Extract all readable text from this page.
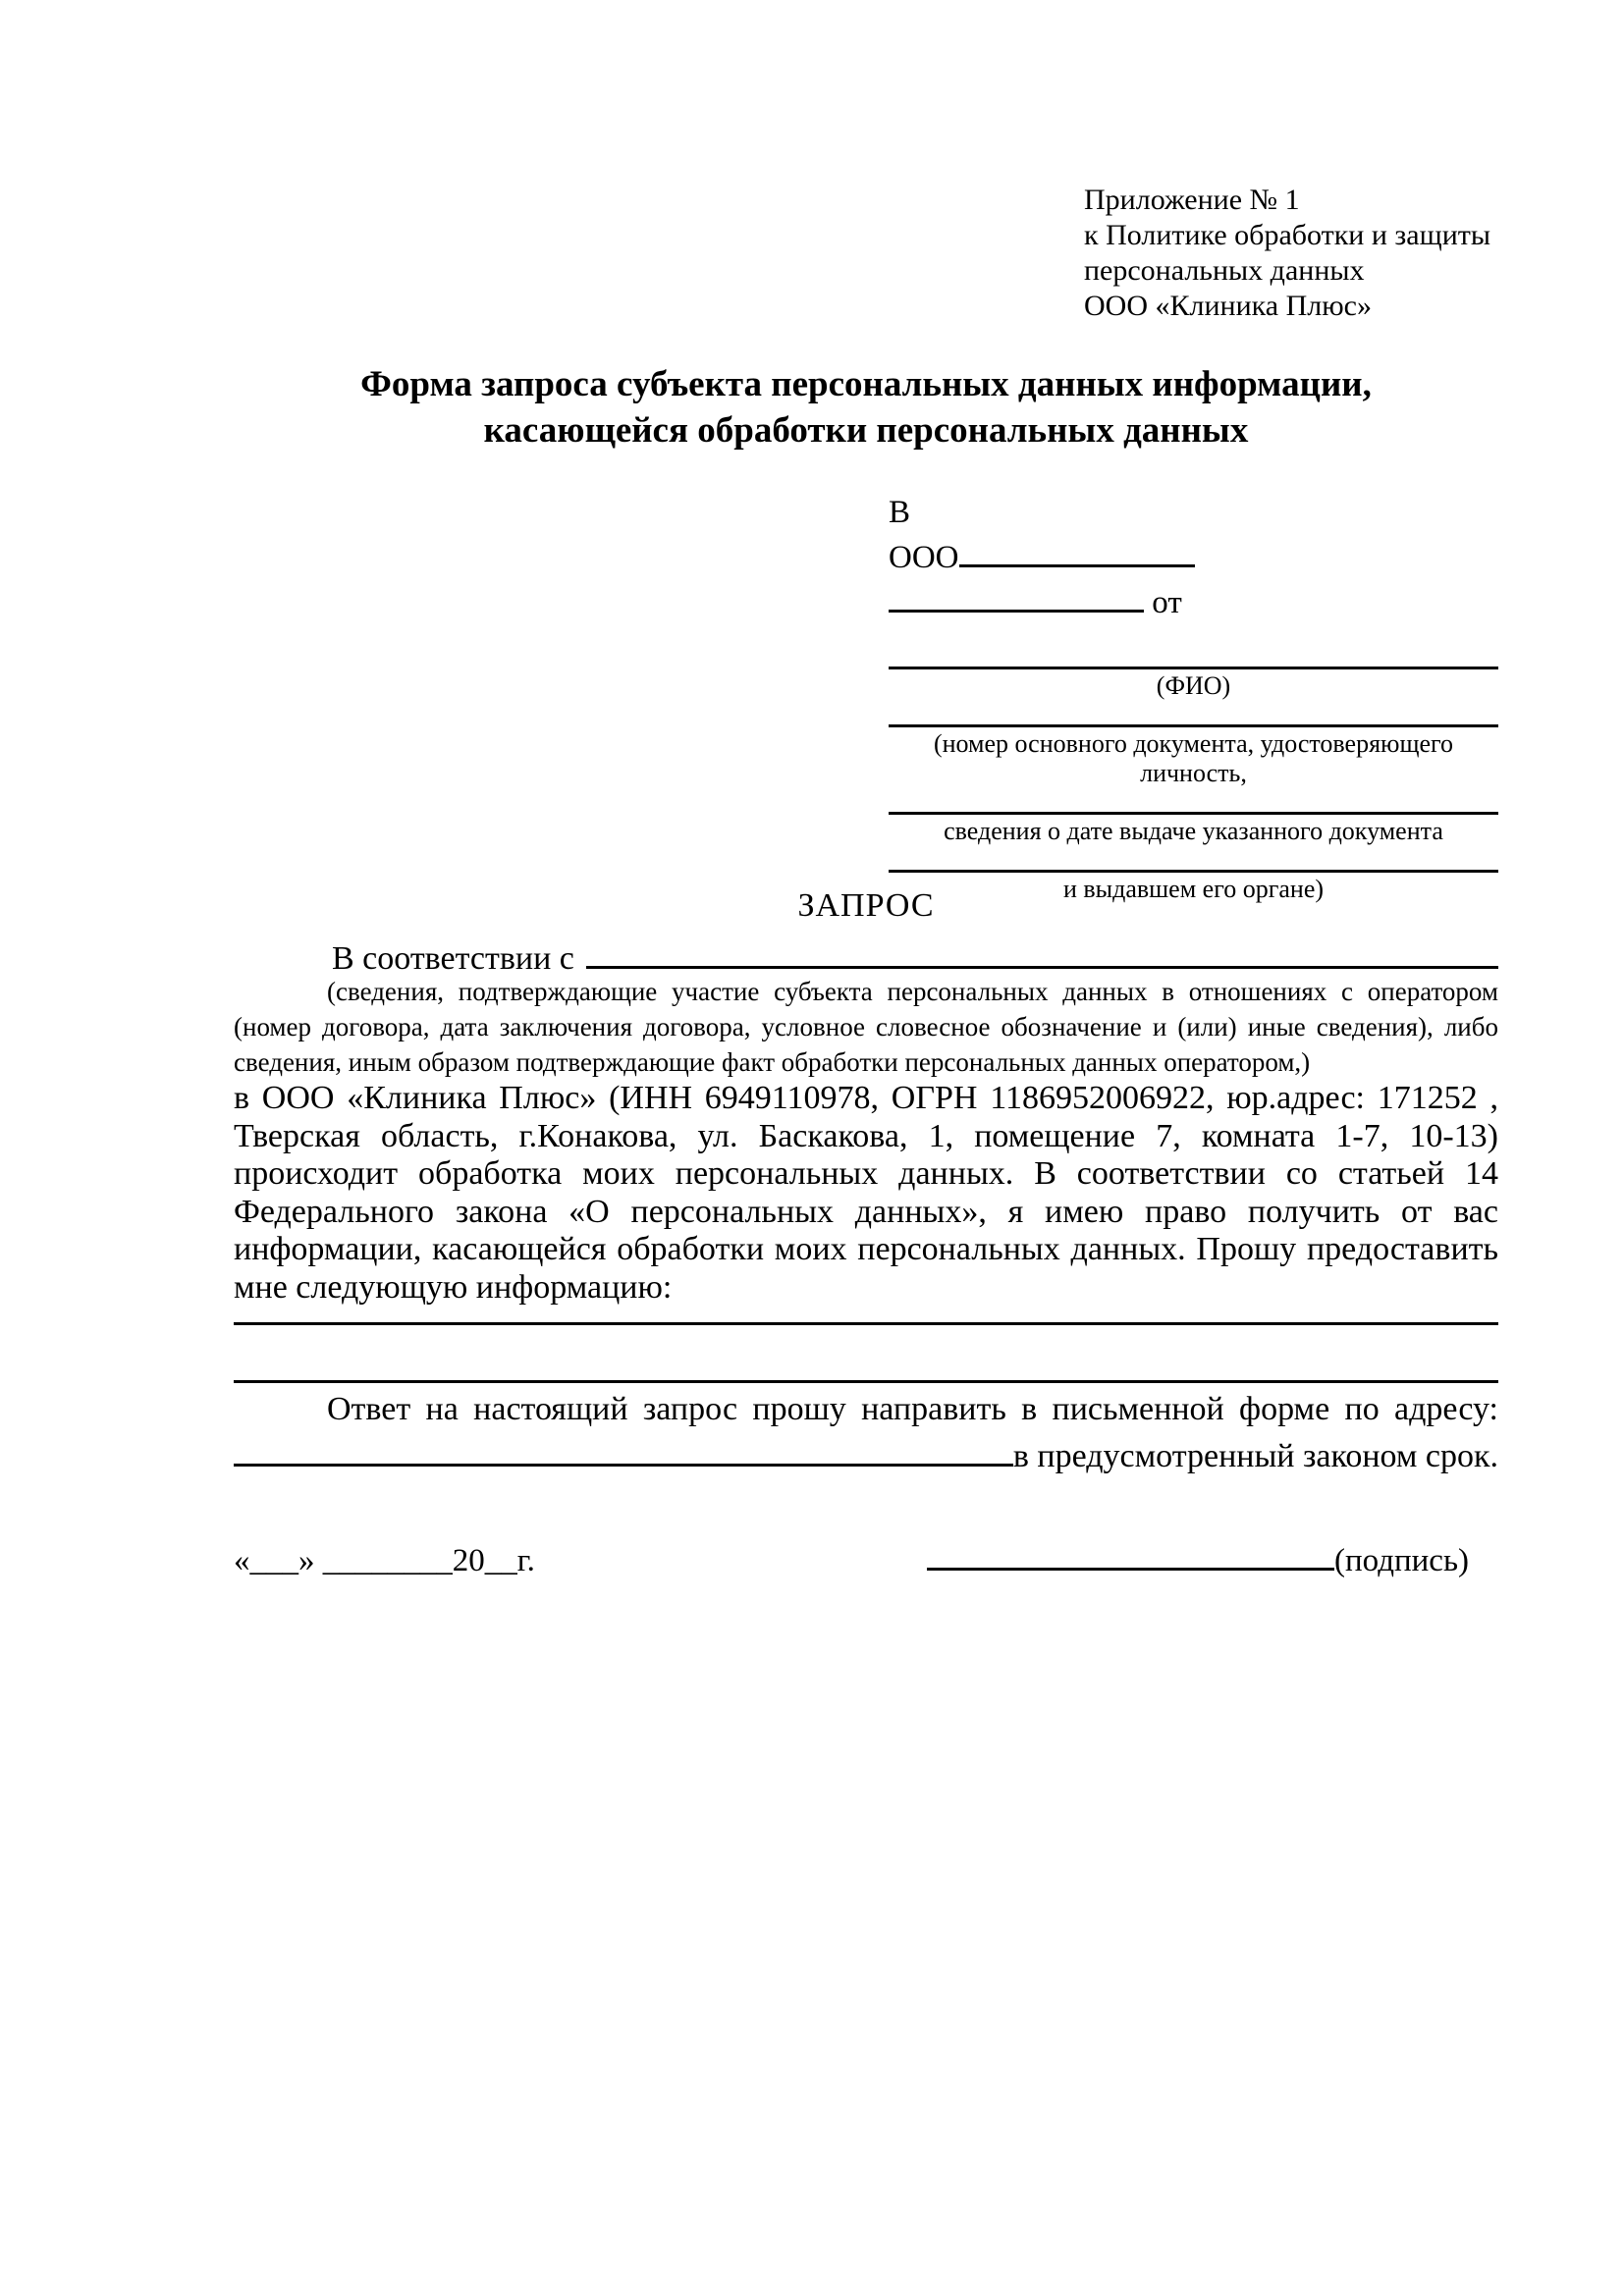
Приложение № 1
к Политике обработки и защиты
персональных данных
ООО «Клиника Плюс»
Форма запроса субъекта персональных данных информации,
касающейся обработки персональных данных
В
ООО
от
(ФИО)
(номер основного документа, удостоверяющего личность,
сведения о дате выдаче указанного документа
и выдавшем его органе)
ЗАПРОС
В соответствии с

(сведения, подтверждающие участие субъекта персональных данных в отношениях с оператором (номер договора, дата заключения договора, условное словесное обозначение и (или) иные сведения), либо сведения, иным образом подтверждающие факт обработки персональных данных оператором,)

в ООО «Клиника Плюс» (ИНН 6949110978, ОГРН 1186952006922, юр.адрес: 171252 , Тверская область, г.Конакова, ул. Баскакова, 1, помещение 7, комната 1-7, 10-13) происходит обработка моих персональных данных. В соответствии со статьей 14 Федерального закона «О персональных данных», я имею право получить от вас информации, касающейся обработки моих персональных данных. Прошу предоставить мне следующую информацию:

Ответ на настоящий запрос прошу направить в письменной форме по адресу:
в предусмотренный законом срок.
«___» ________20__г.	(подпись)
